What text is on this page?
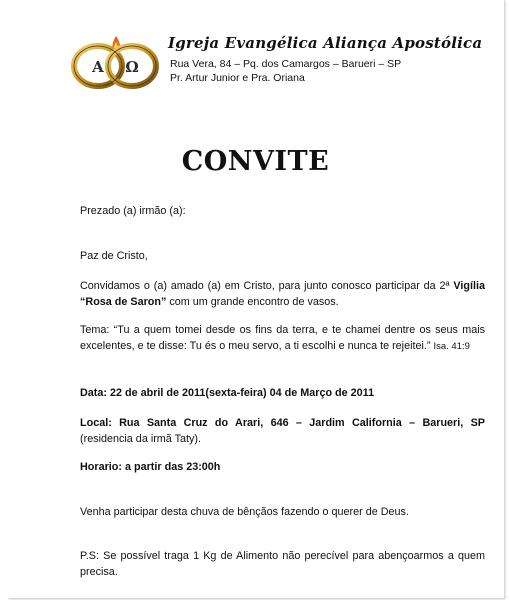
A Ω
Igreja Evangélica Aliança Apostólica
Rua Vera, 84 – Pq. dos Camargos – Barueri – SP
Pr. Artur Junior e Pra. Oriana
CONVITE
Prezado (a) irmão (a):
Paz de Cristo,
Convidamos o (a) amado (a) em Cristo, para junto conosco participar da 2ª Vigília “Rosa de Saron” com um grande encontro de vasos.
Tema: “Tu a quem tomei desde os fins da terra, e te chamei dentre os seus mais excelentes, e te disse: Tu és o meu servo, a ti escolhi e nunca te rejeitei.” Isa. 41:9
Data: 22 de abril de 2011(sexta-feira) 04 de Março de 2011
Local: Rua Santa Cruz do Arari, 646 – Jardim California – Barueri, SP (residencia da irmã Taty).
Horario: a partir das 23:00h
Venha participar desta chuva de bênçãos fazendo o querer de Deus.
P.S: Se possível traga 1 Kg de Alimento não perecível para abençoarmos a quem precisa.
